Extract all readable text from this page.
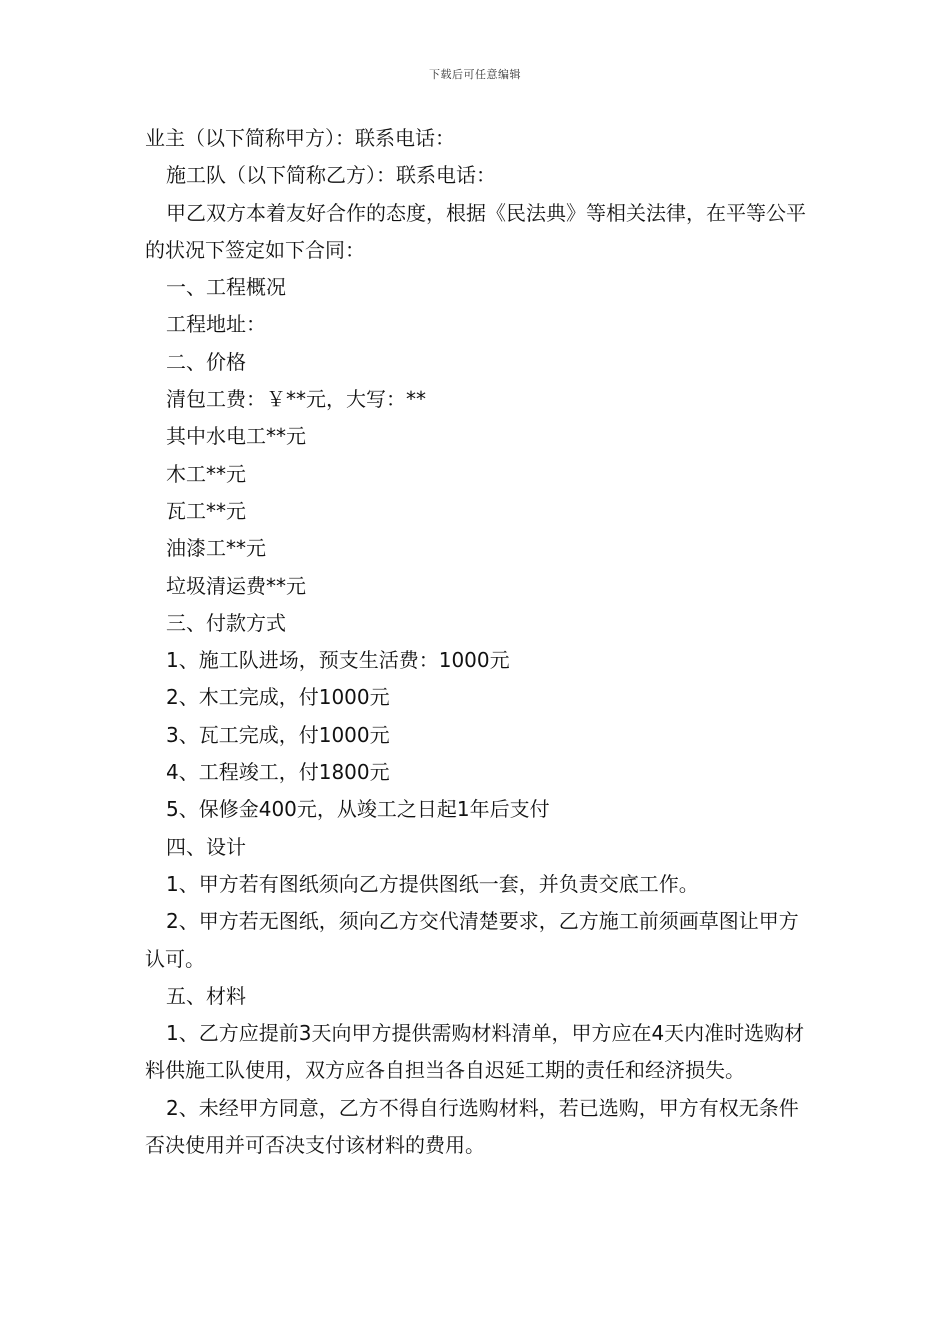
下载后可任意编辑

业主（以下简称甲方）：联系电话：

施工队（以下简称乙方）：联系电话：

甲乙双方本着友好合作的态度，根据《民法典》等相关法律，在平等公平的状况下签定如下合同：

一、工程概况

工程地址：

二、价格

清包工费：￥**元，大写：**

其中水电工**元

木工**元

瓦工**元

油漆工**元

垃圾清运费**元

三、付款方式

1、施工队进场，预支生活费：1000元

2、木工完成，付1000元

3、瓦工完成，付1000元

4、工程竣工，付1800元

5、保修金400元，从竣工之日起1年后支付

四、设计

1、甲方若有图纸须向乙方提供图纸一套，并负责交底工作。

2、甲方若无图纸，须向乙方交代清楚要求，乙方施工前须画草图让甲方认可。

五、材料

1、乙方应提前3天向甲方提供需购材料清单，甲方应在4天内准时选购材料供施工队使用，双方应各自担当各自迟延工期的责任和经济损失。

2、未经甲方同意，乙方不得自行选购材料，若已选购，甲方有权无条件否决使用并可否决支付该材料的费用。
